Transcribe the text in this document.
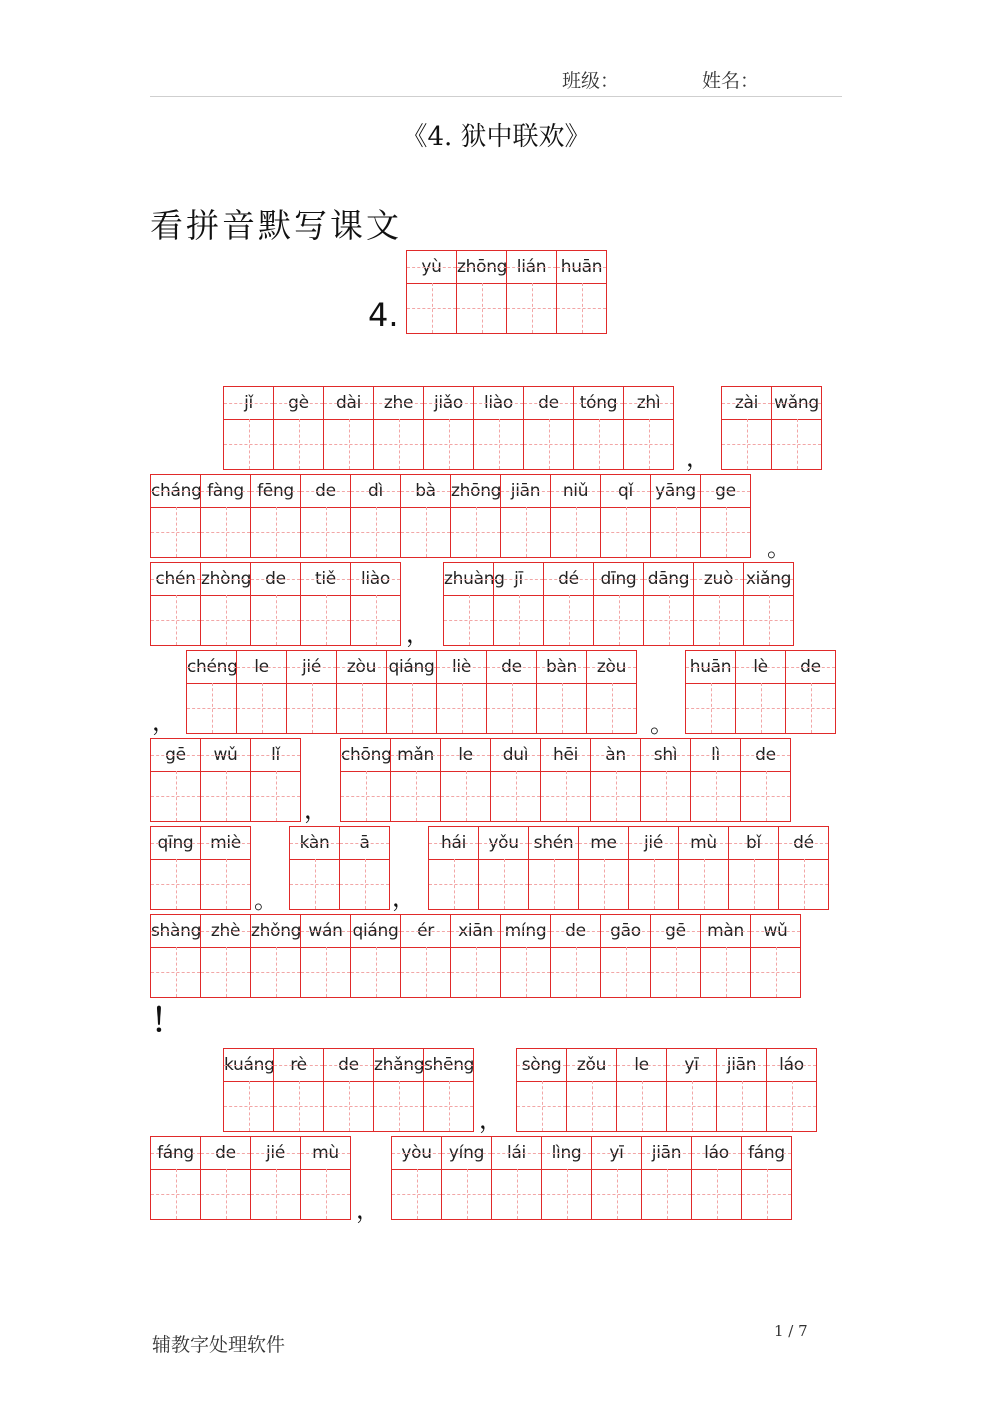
班级：	姓名：
《4. 狱中联欢》
看拼音默写课文
4.
yù zhōng lián huān
jǐ	gè	dài	zhe	jiǎo	liào	de	tóng	zhì
，
zài wǎng
cháng fàng fēng	de	dì	bà zhōng jiān	niǔ	qǐ	yāng	ge
。
chén zhòng de	tiě	liào
，
zhuàng jī	dé	dīng dāng zuò xiǎng
，
chéng le	jié	zòu qiáng	liè	de	bàn	zòu
。
huān	lè	de
gē	wǔ	lǐ
，
chōng mǎn	le	duì	hēi	àn	shì	lì	de
qīng miè
。
kàn	ā
，
hái	yǒu shén me	jié	mù	bǐ	dé
shàng zhè zhǒng wán qiáng	ér	xiān míng	de	gāo	gē	màn	wǔ
！
kuáng rè	de zhǎng shēng
，
sòng zǒu	le	yī	jiān	láo
fáng	de	jié	mù
，
yòu	yíng	lái	lìng	yī	jiān	láo	fáng
辅教字处理软件
1 / 7
